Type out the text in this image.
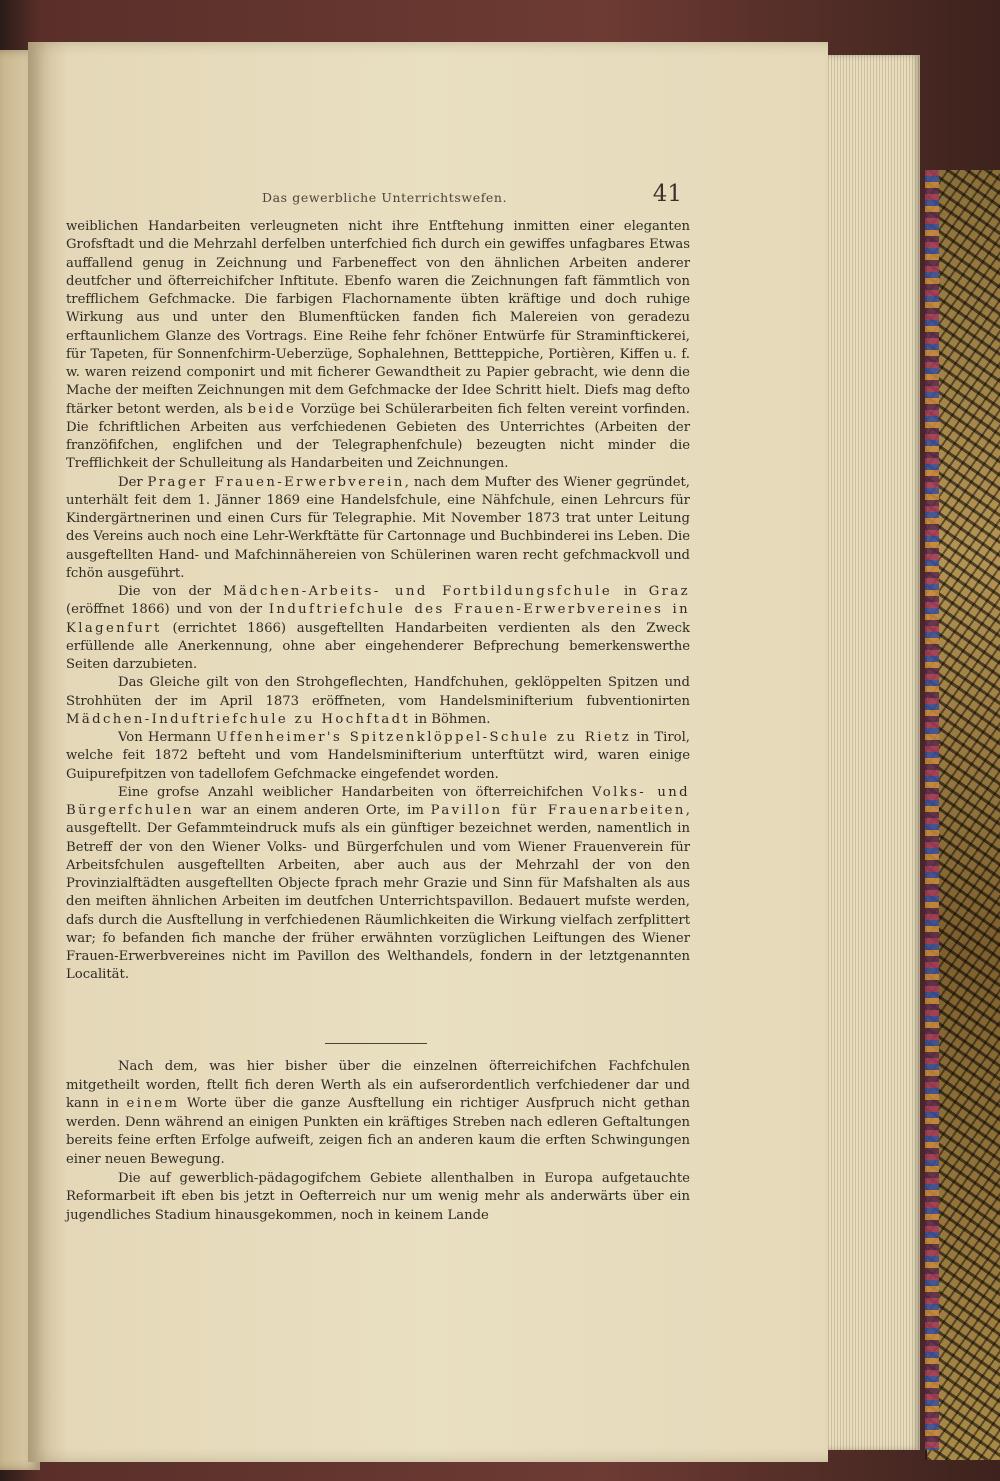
Das gewerbliche Unterrichtswefen.	41

weiblichen Handarbeiten verleugneten nicht ihre Entftehung inmitten einer eleganten Grofsftadt und die Mehrzahl derfelben unterfchied fich durch ein gewiffes unfagbares Etwas auffallend genug in Zeichnung und Farbeneffect von den ähnlichen Arbeiten anderer deutfcher und öfterreichifcher Inftitute. Ebenfo waren die Zeichnungen faft fämmtlich von trefflichem Gefchmacke. Die farbigen Flachornamente übten kräftige und doch ruhige Wirkung aus und unter den Blumenftücken fanden fich Malereien von geradezu erftaunlichem Glanze des Vortrags. Eine Reihe fehr fchöner Entwürfe für Straminftickerei, für Tapeten, für Sonnenfchirm-Ueberzüge, Sophalehnen, Bettteppiche, Portièren, Kiffen u. f. w. waren reizend componirt und mit ficherer Gewandtheit zu Papier gebracht, wie denn die Mache der meiften Zeichnungen mit dem Gefchmacke der Idee Schritt hielt. Diefs mag defto ftärker betont werden, als beide Vorzüge bei Schülerarbeiten fich felten vereint vorfinden. Die fchriftlichen Arbeiten aus verfchiedenen Gebieten des Unterrichtes (Arbeiten der franzöfifchen, englifchen und der Telegraphenfchule) bezeugten nicht minder die Trefflichkeit der Schulleitung als Handarbeiten und Zeichnungen.

Der Prager Frauen-Erwerbverein, nach dem Mufter des Wiener gegründet, unterhält feit dem 1. Jänner 1869 eine Handelsfchule, eine Nähfchule, einen Lehrcurs für Kindergärtnerinen und einen Curs für Telegraphie. Mit November 1873 trat unter Leitung des Vereins auch noch eine Lehr-Werkftätte für Cartonnage und Buchbinderei ins Leben. Die ausgeftellten Hand- und Mafchinnähereien von Schülerinen waren recht gefchmackvoll und fchön ausgeführt.

Die von der Mädchen-Arbeits- und Fortbildungsfchule in Graz (eröffnet 1866) und von der Induftriefchule des Frauen-Erwerbvereines in Klagenfurt (errichtet 1866) ausgeftellten Handarbeiten verdienten als den Zweck erfüllende alle Anerkennung, ohne aber eingehenderer Befprechung bemerkenswerthe Seiten darzubieten.

Das Gleiche gilt von den Strohgeflechten, Handfchuhen, geklöppelten Spitzen und Strohhüten der im April 1873 eröffneten, vom Handelsminifterium fubventionirten Mädchen-Induftriefchule zu Hochftadt in Böhmen.

Von Hermann Uffenheimer's Spitzenklöppel-Schule zu Rietz in Tirol, welche feit 1872 befteht und vom Handelsminifterium unterftützt wird, waren einige Guipurefpitzen von tadellofem Gefchmacke eingefendet worden.

Eine grofse Anzahl weiblicher Handarbeiten von öfterreichifchen Volks- und Bürgerfchulen war an einem anderen Orte, im Pavillon für Frauenarbeiten, ausgeftellt. Der Gefammteindruck mufs als ein günftiger bezeichnet werden, namentlich in Betreff der von den Wiener Volks- und Bürgerfchulen und vom Wiener Frauenverein für Arbeitsfchulen ausgeftellten Arbeiten, aber auch aus der Mehrzahl der von den Provinzialftädten ausgeftellten Objecte fprach mehr Grazie und Sinn für Mafshalten als aus den meiften ähnlichen Arbeiten im deutfchen Unterrichtspavillon. Bedauert mufste werden, dafs durch die Ausftellung in verfchiedenen Räumlichkeiten die Wirkung vielfach zerfplittert war; fo befanden fich manche der früher erwähnten vorzüglichen Leiftungen des Wiener Frauen-Erwerbvereines nicht im Pavillon des Welthandels, fondern in der letztgenannten Localität.

Nach dem, was hier bisher über die einzelnen öfterreichifchen Fachfchulen mitgetheilt worden, ftellt fich deren Werth als ein aufserordentlich verfchiedener dar und kann in einem Worte über die ganze Ausftellung ein richtiger Ausfpruch nicht gethan werden. Denn während an einigen Punkten ein kräftiges Streben nach edleren Geftaltungen bereits feine erften Erfolge aufweift, zeigen fich an anderen kaum die erften Schwingungen einer neuen Bewegung.

Die auf gewerblich-pädagogifchem Gebiete allenthalben in Europa aufgetauchte Reformarbeit ift eben bis jetzt in Oefterreich nur um wenig mehr als anderwärts über ein jugendliches Stadium hinausgekommen, noch in keinem Lande
